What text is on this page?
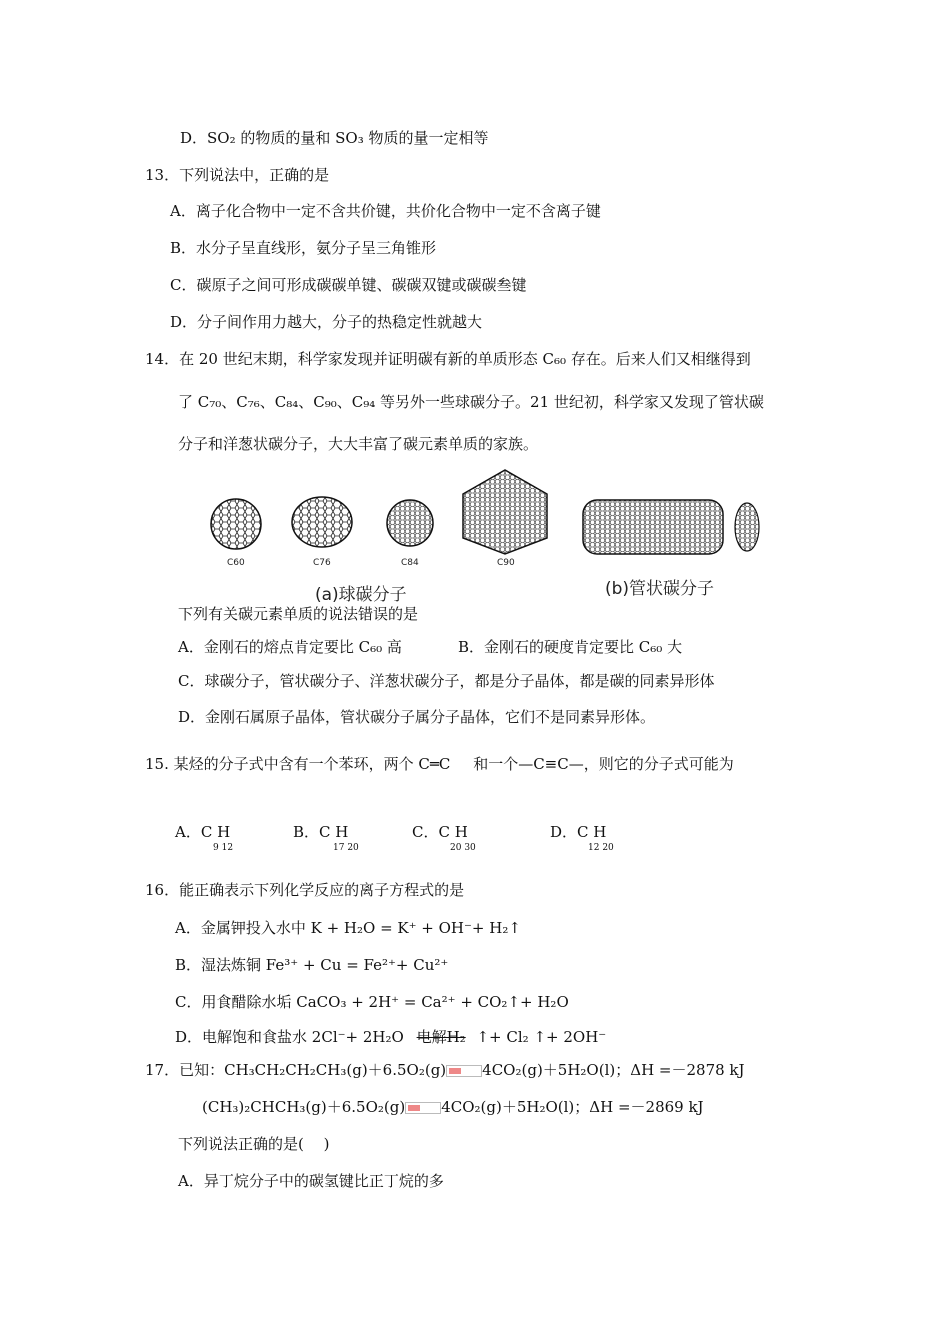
D．SO₂ 的物质的量和 SO₃ 物质的量一定相等
13．下列说法中，正确的是
A．离子化合物中一定不含共价键，共价化合物中一定不含离子键
B．水分子呈直线形，氨分子呈三角锥形
C．碳原子之间可形成碳碳单键、碳碳双键或碳碳叁键
D．分子间作用力越大，分子的热稳定性就越大
14．在 20 世纪末期，科学家发现并证明碳有新的单质形态 C₆₀ 存在。后来人们又相继得到
了 C₇₀、C₇₆、C₈₄、C₉₀、C₉₄ 等另外一些球碳分子。21 世纪初，科学家又发现了管状碳
分子和洋葱状碳分子，大大丰富了碳元素单质的家族。
C60	C76	C84	C90
(a)球碳分子	(b)管状碳分子
下列有关碳元素单质的说法错误的是
A．金刚石的熔点肯定要比 C₆₀ 高	B．金刚石的硬度肯定要比 C₆₀ 大
C．球碳分子，管状碳分子、洋葱状碳分子，都是分子晶体，都是碳的同素异形体
D．金刚石属原子晶体，管状碳分子属分子晶体，它们不是同素异形体。
15. 某烃的分子式中含有一个苯环，两个 C═C 和一个—C≡C—，则它的分子式可能为
A．C H
9 12
B．C H
17 20
C．C H
20 30
D．C H
12 20
16．能正确表示下列化学反应的离子方程式的是
A．金属钾投入水中 K + H₂O = K⁺ + OH⁻+ H₂↑
B．湿法炼铜 Fe³⁺ + Cu = Fe²⁺+ Cu²⁺
C．用食醋除水垢 CaCO₃ + 2H⁺ = Ca²⁺ + CO₂↑+ H₂O
D．电解饱和食盐水 2Cl⁻+ 2H₂O 电解H₂ ↑+ Cl₂ ↑+ 2OH⁻
17．已知：CH₃CH₂CH₂CH₃(g)＋6.5O₂(g) 4CO₂(g)＋5H₂O(l)；ΔH =－2878 kJ
(CH₃)₂CHCH₃(g)＋6.5O₂(g) 4CO₂(g)＋5H₂O(l)；ΔH =－2869 kJ
下列说法正确的是(　 )
A．异丁烷分子中的碳氢键比正丁烷的多
